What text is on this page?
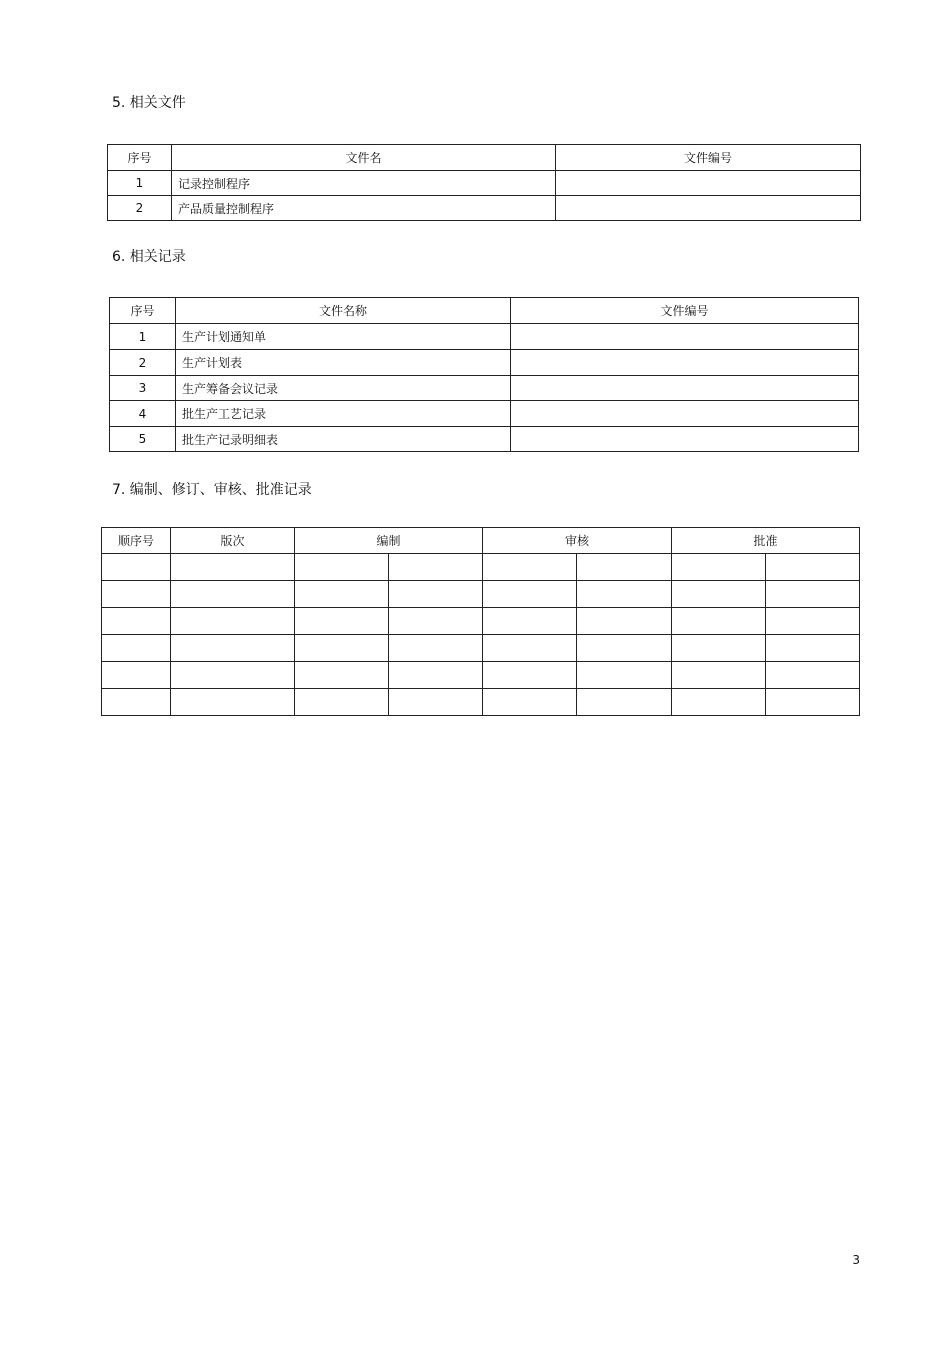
5. 相关文件
序号	文件名	文件编号
1	记录控制程序	
2	产品质量控制程序	
6. 相关记录
序号	文件名称	文件编号
1	生产计划通知单	
2	生产计划表	
3	生产筹备会议记录	
4	批生产工艺记录	
5	批生产记录明细表	
7. 编制、修订、审核、批准记录
顺序号	版次	编制		审核		批准	

3
